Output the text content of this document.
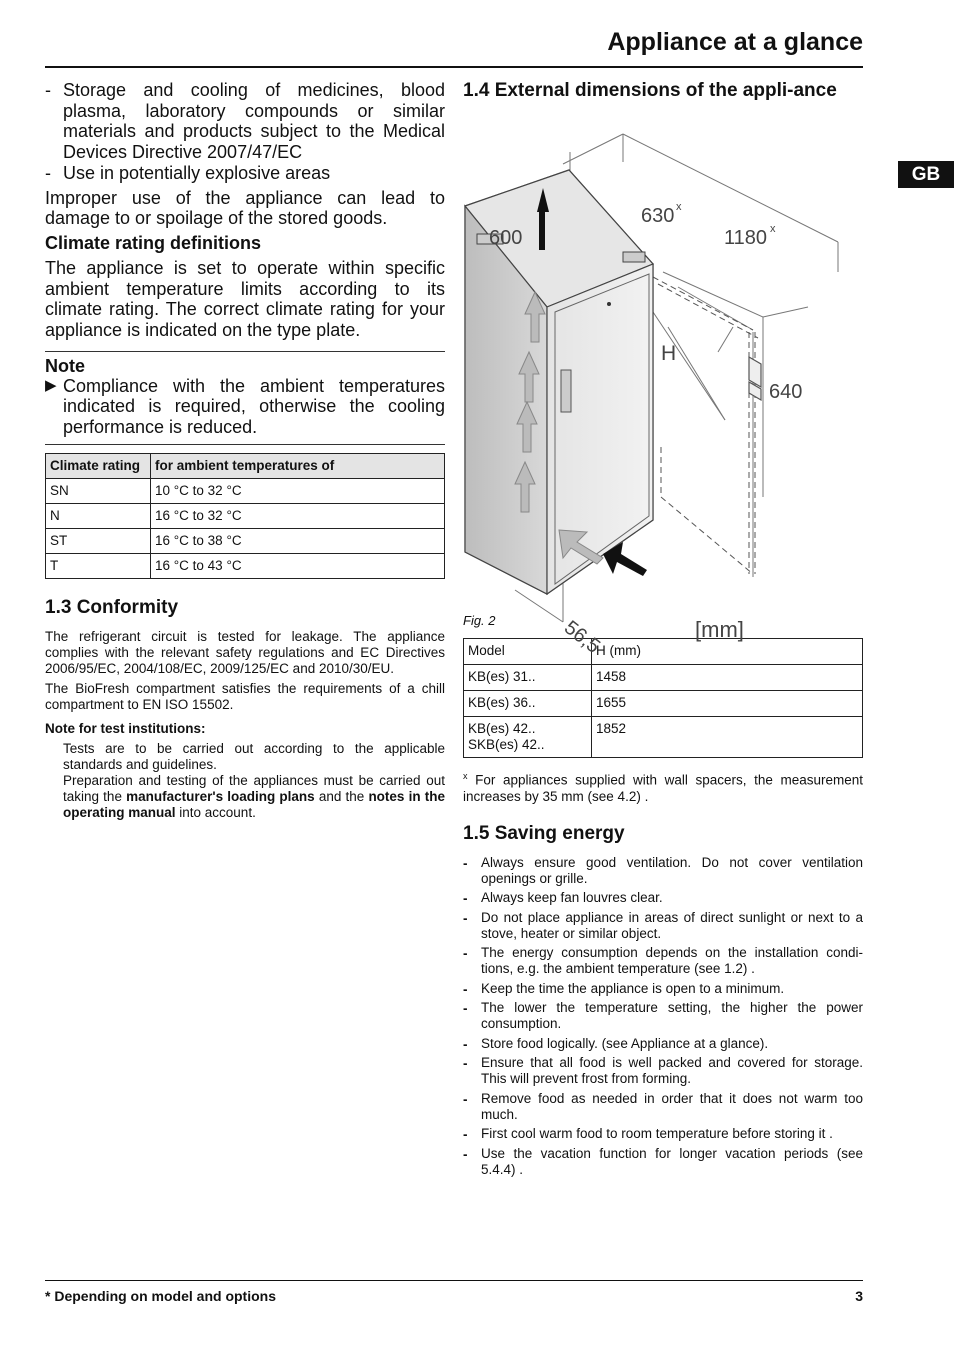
Appliance at a glance
GB
- Storage and cooling of medicines, blood plasma, laboratory compounds or similar materials and products subject to the Medical Devices Directive 2007/47/EC
- Use in potentially explosive areas

Improper use of the appliance can lead to damage to or spoilage of the stored goods.

Climate rating definitions
The appliance is set to operate within specific ambient temperature limits according to its climate rating. The correct climate rating for your appliance is indicated on the type plate.
Note
▶ Compliance with the ambient temperatures indicated is required, otherwise the cooling performance is reduced.
Climate rating	for ambient temperatures of
SN	10 °C to 32 °C
N	16 °C to 32 °C
ST	16 °C to 38 °C
T	16 °C to 43 °C
1.3 Conformity

The refrigerant circuit is tested for leakage. The appliance complies with the relevant safety regulations and EC Directives 2006/95/EC, 2004/108/EC, 2009/125/EC and 2010/30/EU.

The BioFresh compartment satisfies the requirements of a chill compartment to EN ISO 15502.

Note for test institutions:

Tests are to be carried out according to the applicable standards and guidelines.
Preparation and testing of the appliances must be carried out taking the manufacturer's loading plans and the notes in the operating manual into account.
1.4 External dimensions of the appli-ance
600
630 x
1180 x
H
640
56,5	[mm]

Fig. 2

Model	H (mm)
KB(es) 31..	1458
KB(es) 36..	1655

KB(es) 42..
SKB(es) 42..	1852
$^x$ For appliances supplied with wall spacers, the measurement increases by 35 mm (see 4.2) .
1.5 Saving energy
- Always ensure good ventilation. Do not cover ventilation openings or grille.
- Always keep fan louvres clear.
- Do not place appliance in areas of direct sunlight or next to a stove, heater or similar object.
- The energy consumption depends on the installation condi-tions, e.g. the ambient temperature (see 1.2) .
- Keep the time the appliance is open to a minimum.
- The lower the temperature setting, the higher the power consumption.
- Store food logically. (see Appliance at a glance).
- Ensure that all food is well packed and covered for storage. This will prevent frost from forming.
- Remove food as needed in order that it does not warm too much.
- First cool warm food to room temperature before storing it .
- Use the vacation function for longer vacation periods (see 5.4.4) .
* Depending on model and options	3
